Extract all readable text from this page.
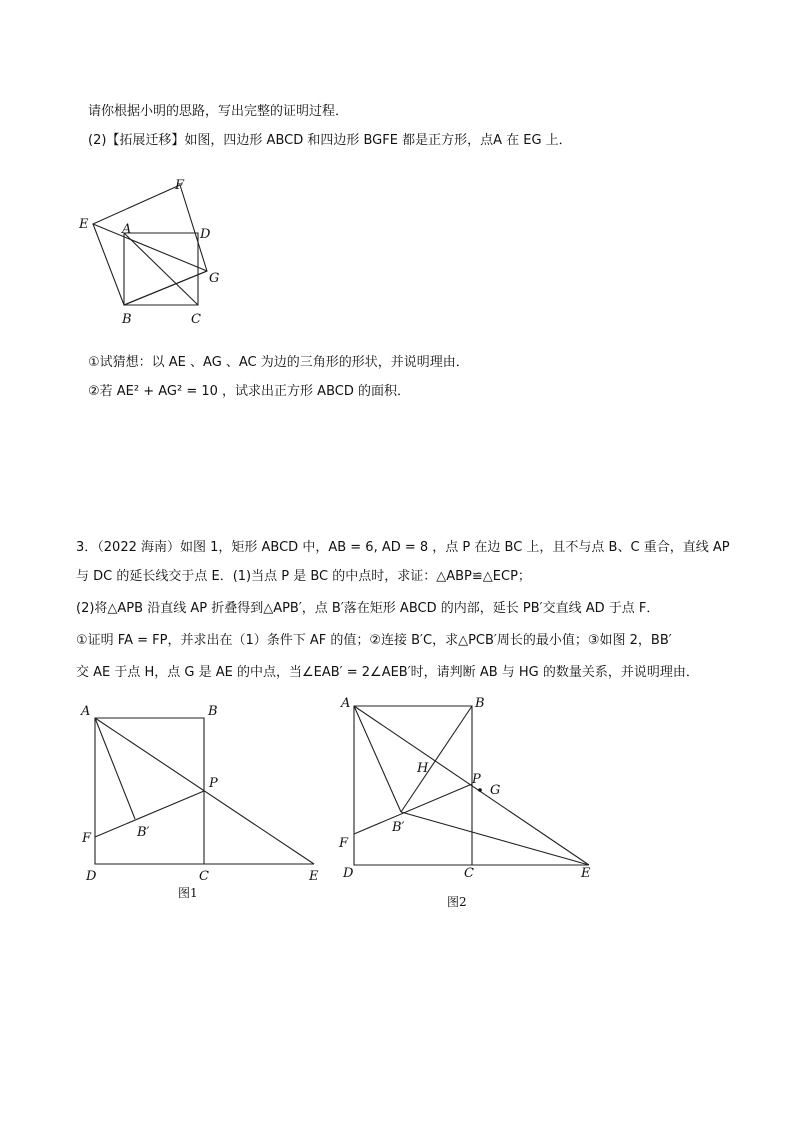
请你根据小明的思路，写出完整的证明过程．
(2)【拓展迁移】如图，四边形 ABCD 和四边形 BGFE 都是正方形，点A 在 EG 上．
E
F
A	D
G
B	C
①试猜想：以 AE 、AG 、AC 为边的三角形的形状，并说明理由．
②若 AE² + AG² = 10 ，试求出正方形 ABCD 的面积．
3．（2022 海南）如图 1，矩形 ABCD 中，AB = 6, AD = 8 ，点 P 在边 BC 上，且不与点 B、C 重合，直线 AP
与 DC 的延长线交于点 E．(1)当点 P 是 BC 的中点时，求证：△ABP≌△ECP；
(2)将△APB 沿直线 AP 折叠得到△APB′，点 B′落在矩形 ABCD 的内部，延长 PB′交直线 AD 于点 F．
①证明 FA = FP，并求出在（1）条件下 AF 的值；②连接 B′C，求△PCB′周长的最小值；③如图 2，BB′
交 AE 于点 H，点 G 是 AE 的中点，当∠EAB′ = 2∠AEB′时，请判断 AB 与 HG 的数量关系，并说明理由．
A	B
P
F	B′
D	C	E
图1
A	B
H
P
G
B′
F
D	C	E
图2
